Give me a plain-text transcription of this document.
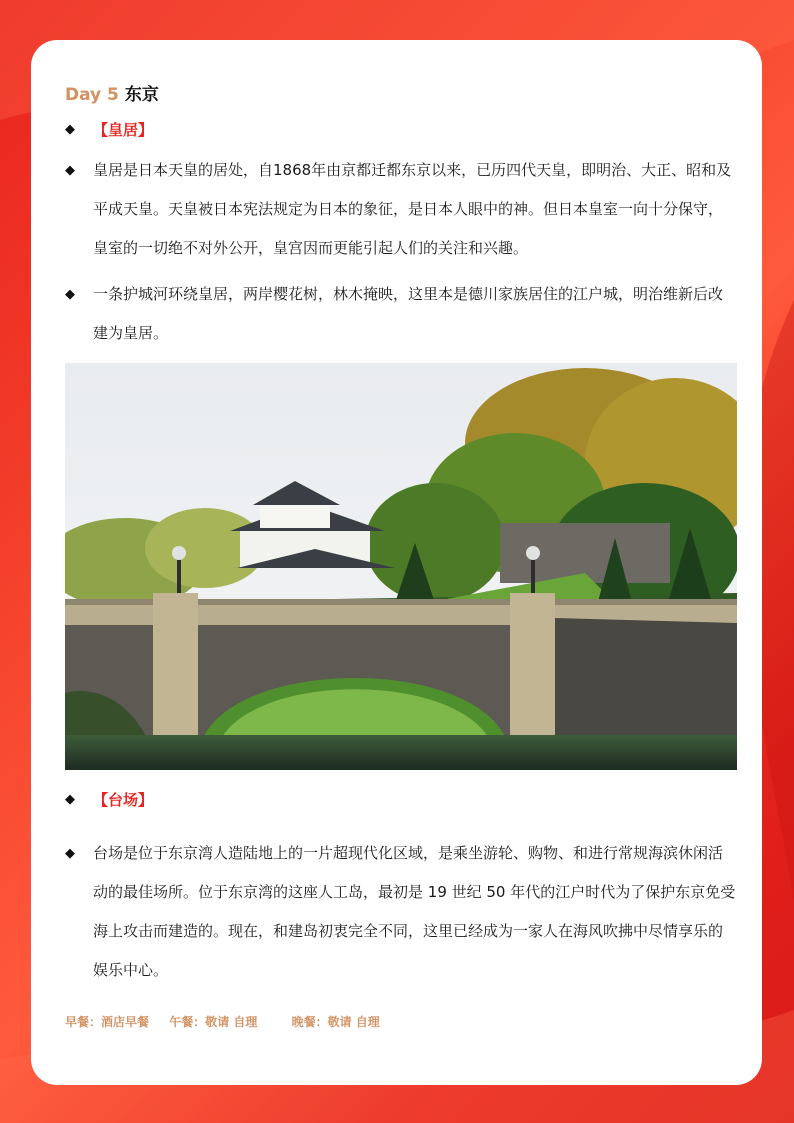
Day 5 东京
◆ 【皇居】
◆	皇居是日本天皇的居处，自1868年由京都迁都东京以来，已历四代天皇，即明治、大正、昭和及平成天皇。天皇被日本宪法规定为日本的象征，是日本人眼中的神。但日本皇室一向十分保守，皇室的一切绝不对外公开，皇宫因而更能引起人们的关注和兴趣。
◆	一条护城河环绕皇居，两岸樱花树，林木掩映，这里本是德川家族居住的江户城，明治维新后改建为皇居。
◆ 【台场】
◆	台场是位于东京湾人造陆地上的一片超现代化区域，是乘坐游轮、购物、和进行常规海滨休闲活动的最佳场所。位于东京湾的这座人工岛，最初是 19 世纪 50 年代的江户时代为了保护东京免受海上攻击而建造的。现在，和建岛初衷完全不同，这里已经成为一家人在海风吹拂中尽情享乐的娱乐中心。
早餐：酒店早餐 午餐：敬请 自理	晚餐：敬请 自理
